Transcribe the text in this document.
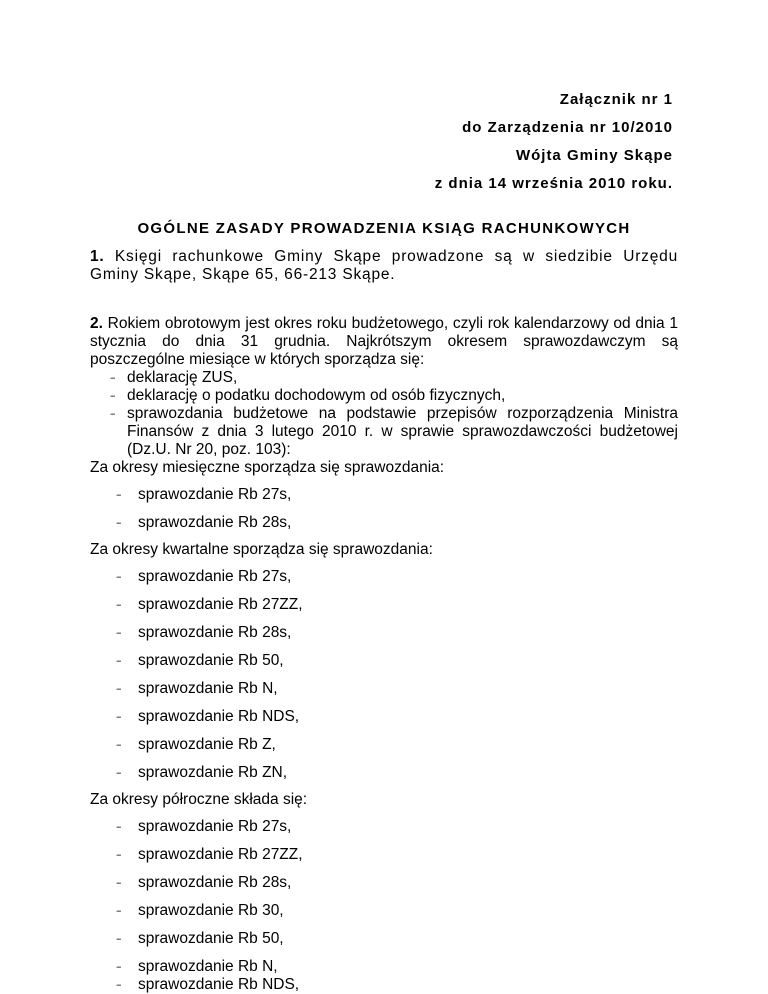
Załącznik nr 1
do Zarządzenia nr 10/2010
Wójta Gminy Skąpe
z dnia 14 września 2010 roku.
OGÓLNE ZASADY PROWADZENIA KSIĄG RACHUNKOWYCH
1. Księgi rachunkowe Gminy Skąpe prowadzone są w siedzibie Urzędu Gminy Skąpe, Skąpe 65, 66-213 Skąpe.
2. Rokiem obrotowym jest okres roku budżetowego, czyli rok kalendarzowy od dnia 1 stycznia do dnia 31 grudnia. Najkrótszym okresem sprawozdawczym są poszczególne miesiące w których sporządza się:
– deklarację ZUS,
– deklarację o podatku dochodowym od osób fizycznych,
– sprawozdania budżetowe na podstawie przepisów rozporządzenia Ministra
Finansów z dnia 3 lutego 2010 r. w sprawie sprawozdawczości budżetowej
(Dz.U. Nr 20, poz. 103):
Za okresy miesięczne sporządza się sprawozdania:
–	sprawozdanie Rb 27s,
–	sprawozdanie Rb 28s,
Za okresy kwartalne sporządza się sprawozdania:
–	sprawozdanie Rb 27s,
–	sprawozdanie Rb 27ZZ,
–	sprawozdanie Rb 28s,
–	sprawozdanie Rb 50,
–	sprawozdanie Rb N,
–	sprawozdanie Rb NDS,
–	sprawozdanie Rb Z,
–	sprawozdanie Rb ZN,
Za okresy półroczne składa się:
–	sprawozdanie Rb 27s,
–	sprawozdanie Rb 27ZZ,
–	sprawozdanie Rb 28s,
–	sprawozdanie Rb 30,
–	sprawozdanie Rb 50,
–	sprawozdanie Rb N,
–	sprawozdanie Rb NDS,
